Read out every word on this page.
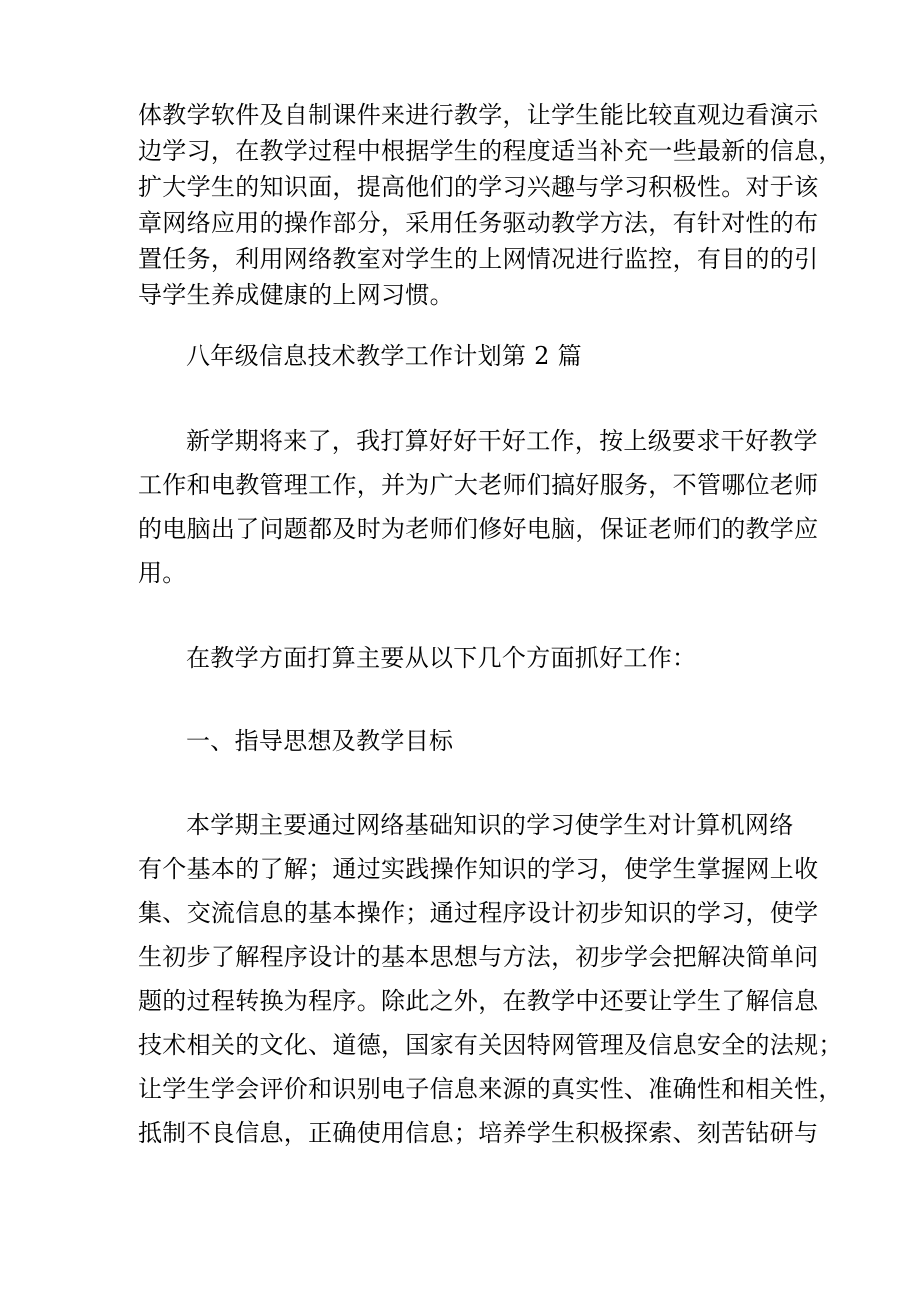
体教学软件及自制课件来进行教学，让学生能比较直观边看演示
边学习，在教学过程中根据学生的程度适当补充一些最新的信息，
扩大学生的知识面，提高他们的学习兴趣与学习积极性。对于该
章网络应用的操作部分，采用任务驱动教学方法，有针对性的布
置任务，利用网络教室对学生的上网情况进行监控，有目的的引
导学生养成健康的上网习惯。
八年级信息技术教学工作计划第 2 篇
新学期将来了，我打算好好干好工作，按上级要求干好教学
工作和电教管理工作，并为广大老师们搞好服务，不管哪位老师
的电脑出了问题都及时为老师们修好电脑，保证老师们的教学应
用。
在教学方面打算主要从以下几个方面抓好工作：
一、指导思想及教学目标
本学期主要通过网络基础知识的学习使学生对计算机网络
有个基本的了解；通过实践操作知识的学习，使学生掌握网上收
集、交流信息的基本操作；通过程序设计初步知识的学习，使学
生初步了解程序设计的基本思想与方法，初步学会把解决简单问
题的过程转换为程序。除此之外，在教学中还要让学生了解信息
技术相关的文化、道德，国家有关因特网管理及信息安全的法规；
让学生学会评价和识别电子信息来源的真实性、准确性和相关性，
抵制不良信息，正确使用信息；培养学生积极探索、刻苦钻研与
